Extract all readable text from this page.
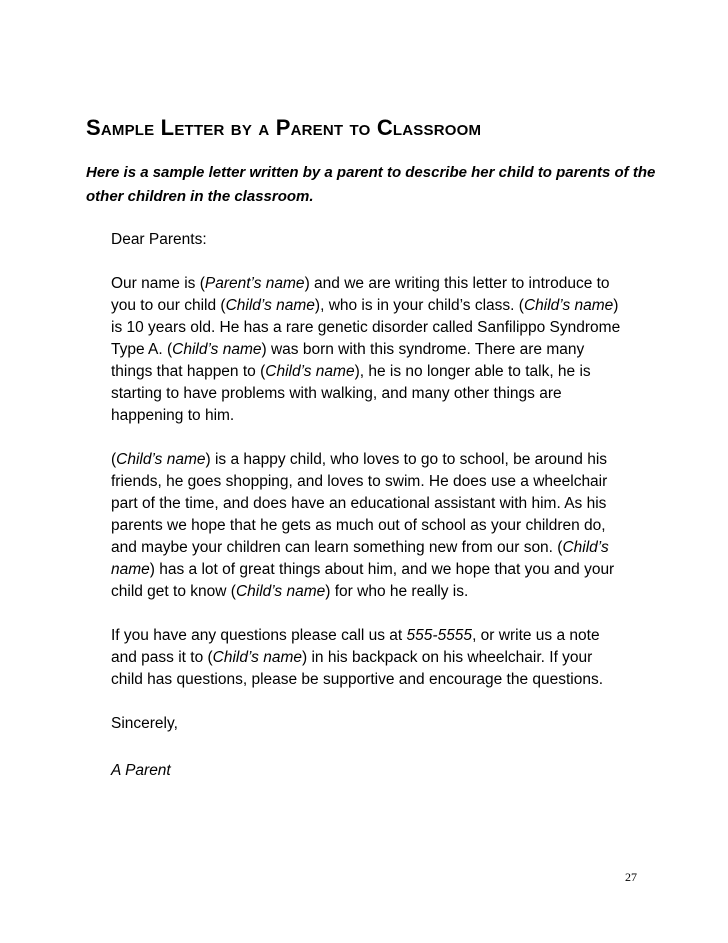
Sample Letter by a Parent to Classroom

Here is a sample letter written by a parent to describe her child to parents of the other children in the classroom.

Dear Parents:

Our name is (Parent’s name) and we are writing this letter to introduce to you to our child (Child’s name), who is in your child’s class. (Child’s name) is 10 years old. He has a rare genetic disorder called Sanfilippo Syndrome Type A. (Child’s name) was born with this syndrome. There are many things that happen to (Child’s name), he is no longer able to talk, he is starting to have problems with walking, and many other things are happening to him.

(Child’s name) is a happy child, who loves to go to school, be around his friends, he goes shopping, and loves to swim. He does use a wheelchair part of the time, and does have an educational assistant with him. As his parents we hope that he gets as much out of school as your children do, and maybe your children can learn something new from our son. (Child’s name) has a lot of great things about him, and we hope that you and your child get to know (Child’s name) for who he really is.

If you have any questions please call us at 555-5555, or write us a note and pass it to (Child’s name) in his backpack on his wheelchair. If your child has questions, please be supportive and encourage the questions.

Sincerely,

A Parent
27
